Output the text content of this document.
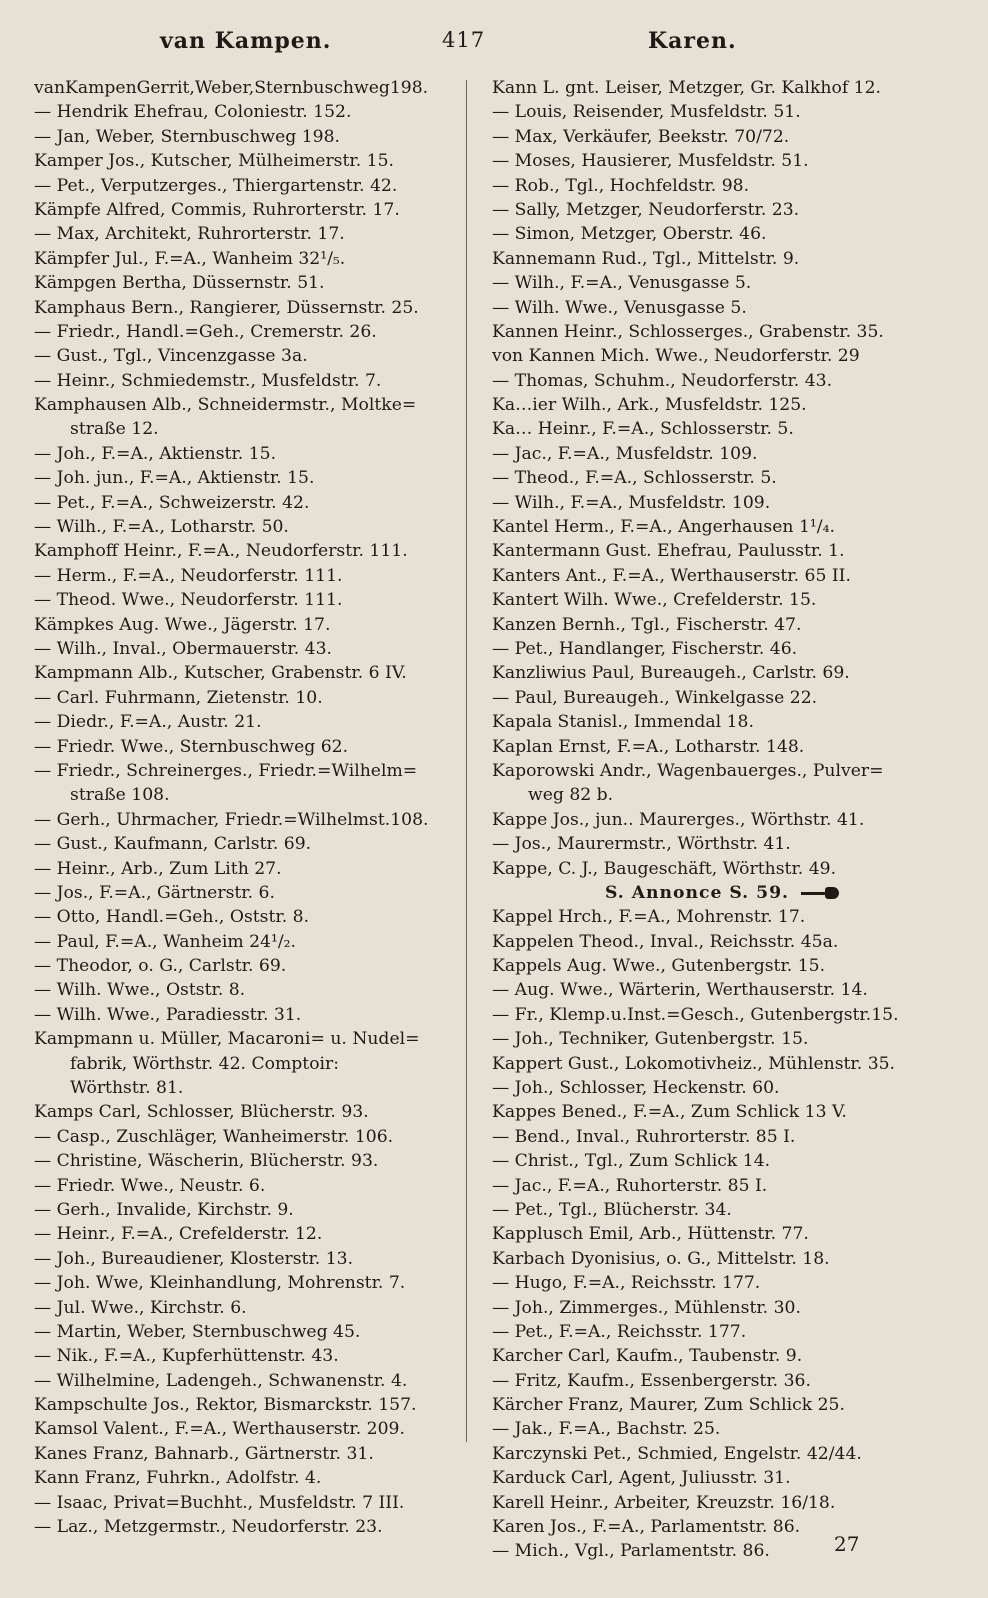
van Kampen.	417	Karen.
vanKampenGerrit,Weber,Sternbuschweg198.
— Hendrik Ehefrau, Coloniestr. 152.
— Jan, Weber, Sternbuschweg 198.
Kamper Jos., Kutscher, Mülheimerstr. 15.
— Pet., Verputzerges., Thiergartenstr. 42.
Kämpfe Alfred, Commis, Ruhrorterstr. 17.
— Max, Architekt, Ruhrorterstr. 17.
Kämpfer Jul., F.=A., Wanheim 32¹/₅.
Kämpgen Bertha, Düssernstr. 51.
Kamphaus Bern., Rangierer, Düssernstr. 25.
— Friedr., Handl.=Geh., Cremerstr. 26.
— Gust., Tgl., Vincenzgasse 3a.
— Heinr., Schmiedemstr., Musfeldstr. 7.
Kamphausen Alb., Schneidermstr., Moltke=
straße 12.
— Joh., F.=A., Aktienstr. 15.
— Joh. jun., F.=A., Aktienstr. 15.
— Pet., F.=A., Schweizerstr. 42.
— Wilh., F.=A., Lotharstr. 50.
Kamphoff Heinr., F.=A., Neudorferstr. 111.
— Herm., F.=A., Neudorferstr. 111.
— Theod. Wwe., Neudorferstr. 111.
Kämpkes Aug. Wwe., Jägerstr. 17.
— Wilh., Inval., Obermauerstr. 43.
Kampmann Alb., Kutscher, Grabenstr. 6 IV.
— Carl. Fuhrmann, Zietenstr. 10.
— Diedr., F.=A., Austr. 21.
— Friedr. Wwe., Sternbuschweg 62.
— Friedr., Schreinerges., Friedr.=Wilhelm=
straße 108.
— Gerh., Uhrmacher, Friedr.=Wilhelmst.108.
— Gust., Kaufmann, Carlstr. 69.
— Heinr., Arb., Zum Lith 27.
— Jos., F.=A., Gärtnerstr. 6.
— Otto, Handl.=Geh., Oststr. 8.
— Paul, F.=A., Wanheim 24¹/₂.
— Theodor, o. G., Carlstr. 69.
— Wilh. Wwe., Oststr. 8.
— Wilh. Wwe., Paradiesstr. 31.
Kampmann u. Müller, Macaroni= u. Nudel=
fabrik, Wörthstr. 42. Comptoir:
Wörthstr. 81.
Kamps Carl, Schlosser, Blücherstr. 93.
— Casp., Zuschläger, Wanheimerstr. 106.
— Christine, Wäscherin, Blücherstr. 93.
— Friedr. Wwe., Neustr. 6.
— Gerh., Invalide, Kirchstr. 9.
— Heinr., F.=A., Crefelderstr. 12.
— Joh., Bureaudiener, Klosterstr. 13.
— Joh. Wwe, Kleinhandlung, Mohrenstr. 7.
— Jul. Wwe., Kirchstr. 6.
— Martin, Weber, Sternbuschweg 45.
— Nik., F.=A., Kupferhüttenstr. 43.
— Wilhelmine, Ladengeh., Schwanenstr. 4.
Kampschulte Jos., Rektor, Bismarckstr. 157.
Kamsol Valent., F.=A., Werthauserstr. 209.
Kanes Franz, Bahnarb., Gärtnerstr. 31.
Kann Franz, Fuhrkn., Adolfstr. 4.
— Isaac, Privat=Buchht., Musfeldstr. 7 III.
— Laz., Metzgermstr., Neudorferstr. 23.
Kann L. gnt. Leiser, Metzger, Gr. Kalkhof 12.
— Louis, Reisender, Musfeldstr. 51.
— Max, Verkäufer, Beekstr. 70/72.
— Moses, Hausierer, Musfeldstr. 51.
— Rob., Tgl., Hochfeldstr. 98.
— Sally, Metzger, Neudorferstr. 23.
— Simon, Metzger, Oberstr. 46.
Kannemann Rud., Tgl., Mittelstr. 9.
— Wilh., F.=A., Venusgasse 5.
— Wilh. Wwe., Venusgasse 5.
Kannen Heinr., Schlosserges., Grabenstr. 35.
von Kannen Mich. Wwe., Neudorferstr. 29
— Thomas, Schuhm., Neudorferstr. 43.
Ka…ier Wilh., Ark., Musfeldstr. 125.
Ka… Heinr., F.=A., Schlosserstr. 5.
— Jac., F.=A., Musfeldstr. 109.
— Theod., F.=A., Schlosserstr. 5.
— Wilh., F.=A., Musfeldstr. 109.
Kantel Herm., F.=A., Angerhausen 1¹/₄.
Kantermann Gust. Ehefrau, Paulusstr. 1.
Kanters Ant., F.=A., Werthauserstr. 65 II.
Kantert Wilh. Wwe., Crefelderstr. 15.
Kanzen Bernh., Tgl., Fischerstr. 47.
— Pet., Handlanger, Fischerstr. 46.
Kanzliwius Paul, Bureaugeh., Carlstr. 69.
— Paul, Bureaugeh., Winkelgasse 22.
Kapala Stanisl., Immendal 18.
Kaplan Ernst, F.=A., Lotharstr. 148.
Kaporowski Andr., Wagenbauerges., Pulver=
weg 82 b.
Kappe Jos., jun.. Maurerges., Wörthstr. 41.
— Jos., Maurermstr., Wörthstr. 41.
Kappe, C. J., Baugeschäft, Wörthstr. 49.
S. Annonce S. 59.
Kappel Hrch., F.=A., Mohrenstr. 17.
Kappelen Theod., Inval., Reichsstr. 45a.
Kappels Aug. Wwe., Gutenbergstr. 15.
— Aug. Wwe., Wärterin, Werthauserstr. 14.
— Fr., Klemp.u.Inst.=Gesch., Gutenbergstr.15.
— Joh., Techniker, Gutenbergstr. 15.
Kappert Gust., Lokomotivheiz., Mühlenstr. 35.
— Joh., Schlosser, Heckenstr. 60.
Kappes Bened., F.=A., Zum Schlick 13 V.
— Bend., Inval., Ruhrorterstr. 85 I.
— Christ., Tgl., Zum Schlick 14.
— Jac., F.=A., Ruhorterstr. 85 I.
— Pet., Tgl., Blücherstr. 34.
Kapplusch Emil, Arb., Hüttenstr. 77.
Karbach Dyonisius, o. G., Mittelstr. 18.
— Hugo, F.=A., Reichsstr. 177.
— Joh., Zimmerges., Mühlenstr. 30.
— Pet., F.=A., Reichsstr. 177.
Karcher Carl, Kaufm., Taubenstr. 9.
— Fritz, Kaufm., Essenbergerstr. 36.
Kärcher Franz, Maurer, Zum Schlick 25.
— Jak., F.=A., Bachstr. 25.
Karczynski Pet., Schmied, Engelstr. 42/44.
Karduck Carl, Agent, Juliusstr. 31.
Karell Heinr., Arbeiter, Kreuzstr. 16/18.
Karen Jos., F.=A., Parlamentstr. 86.
— Mich., Vgl., Parlamentstr. 86.	27
